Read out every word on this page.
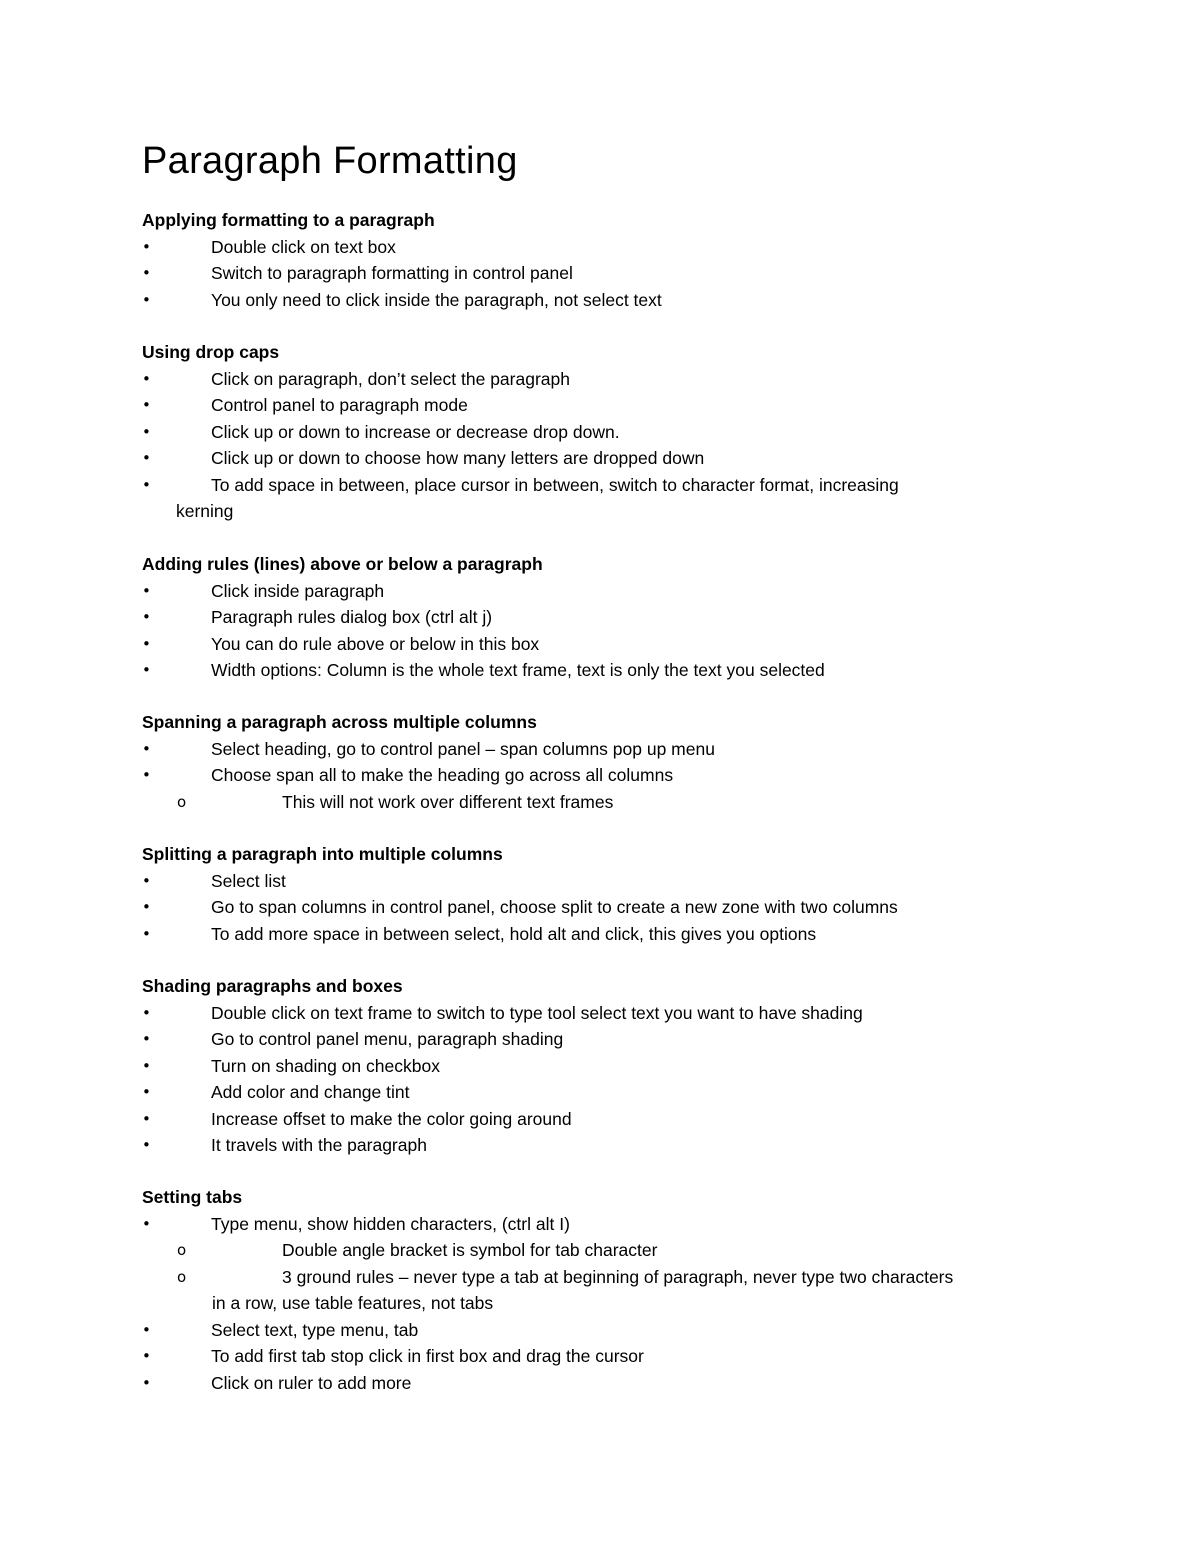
Paragraph Formatting
Applying formatting to a paragraph
•	Double click on text box
•	Switch to paragraph formatting in control panel
•	You only need to click inside the paragraph, not select text
Using drop caps
•	Click on paragraph, don’t select the paragraph
•	Control panel to paragraph mode
•	Click up or down to increase or decrease drop down.
•	Click up or down to choose how many letters are dropped down
•	To add space in between, place cursor in between, switch to character format, increasing
kerning
Adding rules (lines) above or below a paragraph
•	Click inside paragraph
•	Paragraph rules dialog box (ctrl alt j)
•	You can do rule above or below in this box
•	Width options: Column is the whole text frame, text is only the text you selected
Spanning a paragraph across multiple columns
•	Select heading, go to control panel – span columns pop up menu
•	Choose span all to make the heading go across all columns
o	This will not work over different text frames
Splitting a paragraph into multiple columns
•	Select list
•	Go to span columns in control panel, choose split to create a new zone with two columns
•	To add more space in between select, hold alt and click, this gives you options
Shading paragraphs and boxes
•	Double click on text frame to switch to type tool select text you want to have shading
•	Go to control panel menu, paragraph shading
•	Turn on shading on checkbox
•	Add color and change tint
•	Increase offset to make the color going around
•	It travels with the paragraph
Setting tabs
•	Type menu, show hidden characters, (ctrl alt I)
o	Double angle bracket is symbol for tab character
o	3 ground rules – never type a tab at beginning of paragraph, never type two characters
in a row, use table features, not tabs
•	Select text, type menu, tab
•	To add first tab stop click in first box and drag the cursor
•	Click on ruler to add more
